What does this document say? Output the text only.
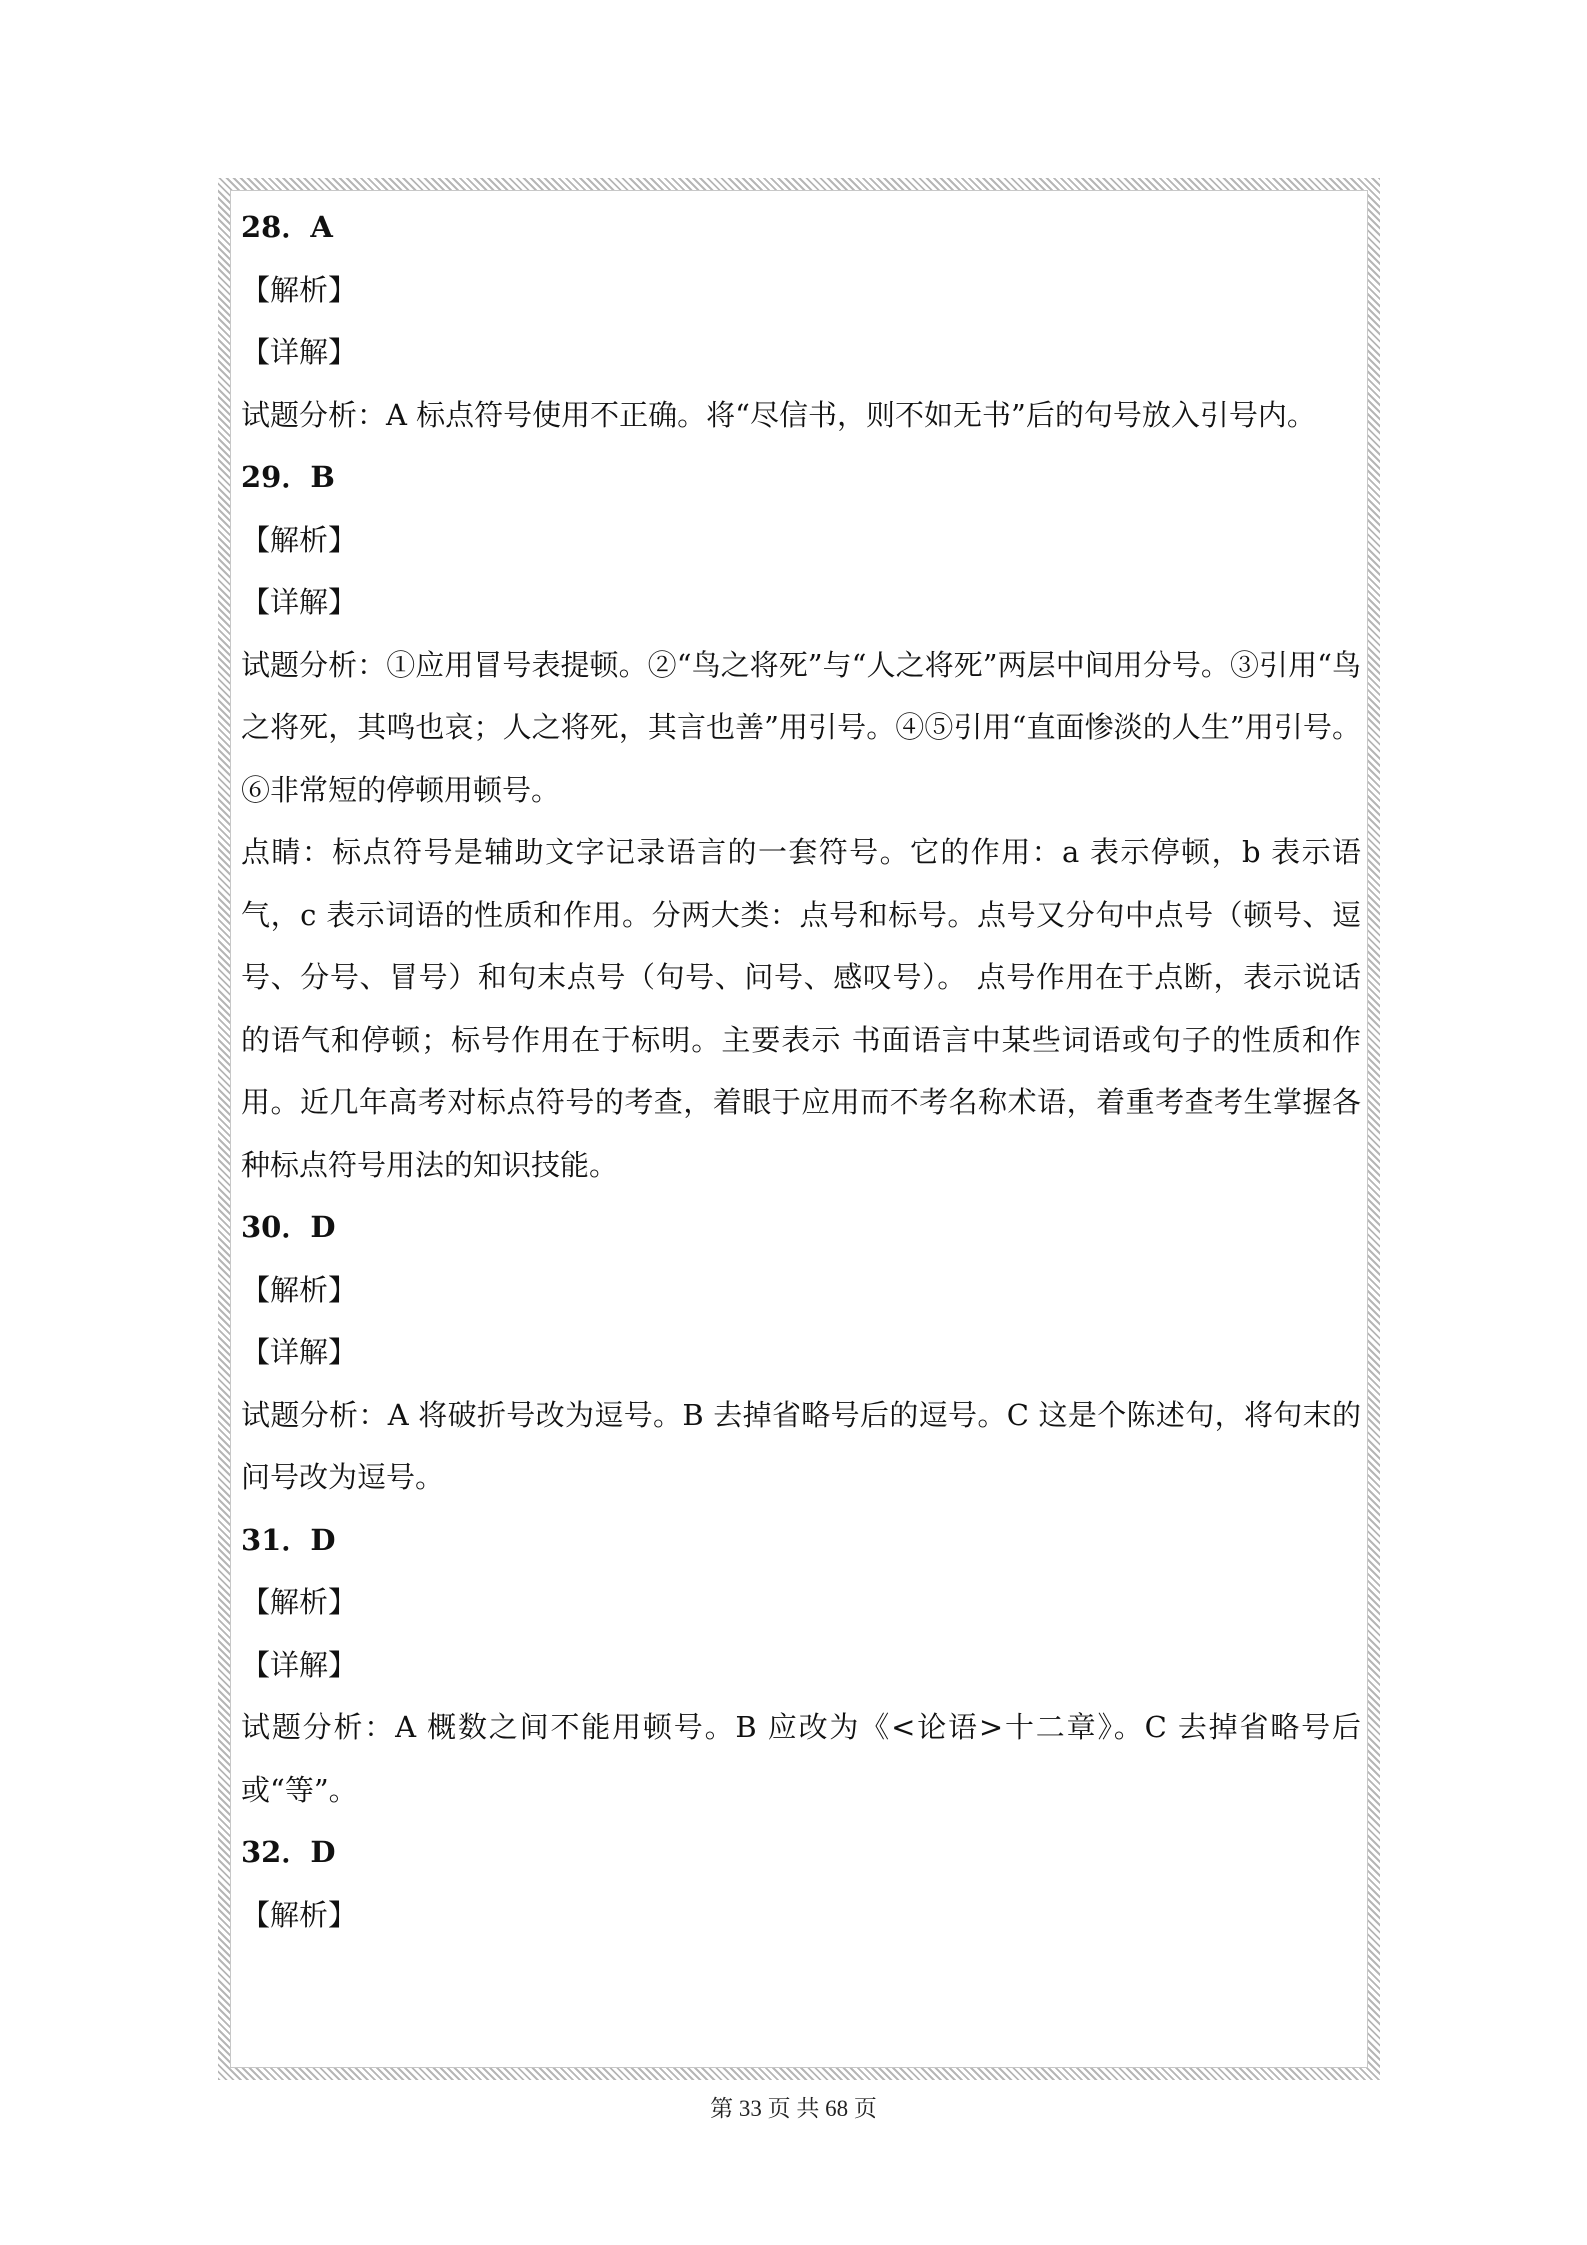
28．A
【解析】
【详解】
试题分析：A 标点符号使用不正确。将“尽信书，则不如无书”后的句号放入引号内。
29．B
【解析】
【详解】
试题分析：①应用冒号表提顿。②“鸟之将死”与“人之将死”两层中间用分号。③引用“鸟之将死，其鸣也哀；人之将死，其言也善”用引号。④⑤引用“直面惨淡的人生”用引号。⑥非常短的停顿用顿号。
点睛：标点符号是辅助文字记录语言的一套符号。它的作用：a 表示停顿，b 表示语气，c 表示词语的性质和作用。分两大类：点号和标号。点号又分句中点号（顿号、逗号、分号、冒号）和句末点号（句号、问号、感叹号）。 点号作用在于点断，表示说话的语气和停顿；标号作用在于标明。主要表示 书面语言中某些词语或句子的性质和作用。近几年高考对标点符号的考查，着眼于应用而不考名称术语，着重考查考生掌握各种标点符号用法的知识技能。
30．D
【解析】
【详解】
试题分析：A 将破折号改为逗号。B 去掉省略号后的逗号。C 这是个陈述句，将句末的问号改为逗号。
31．D
【解析】
【详解】
试题分析：A 概数之间不能用顿号。B 应改为《<论语>十二章》。C 去掉省略号后或“等”。
32．D
【解析】
第 33 页 共 68 页
